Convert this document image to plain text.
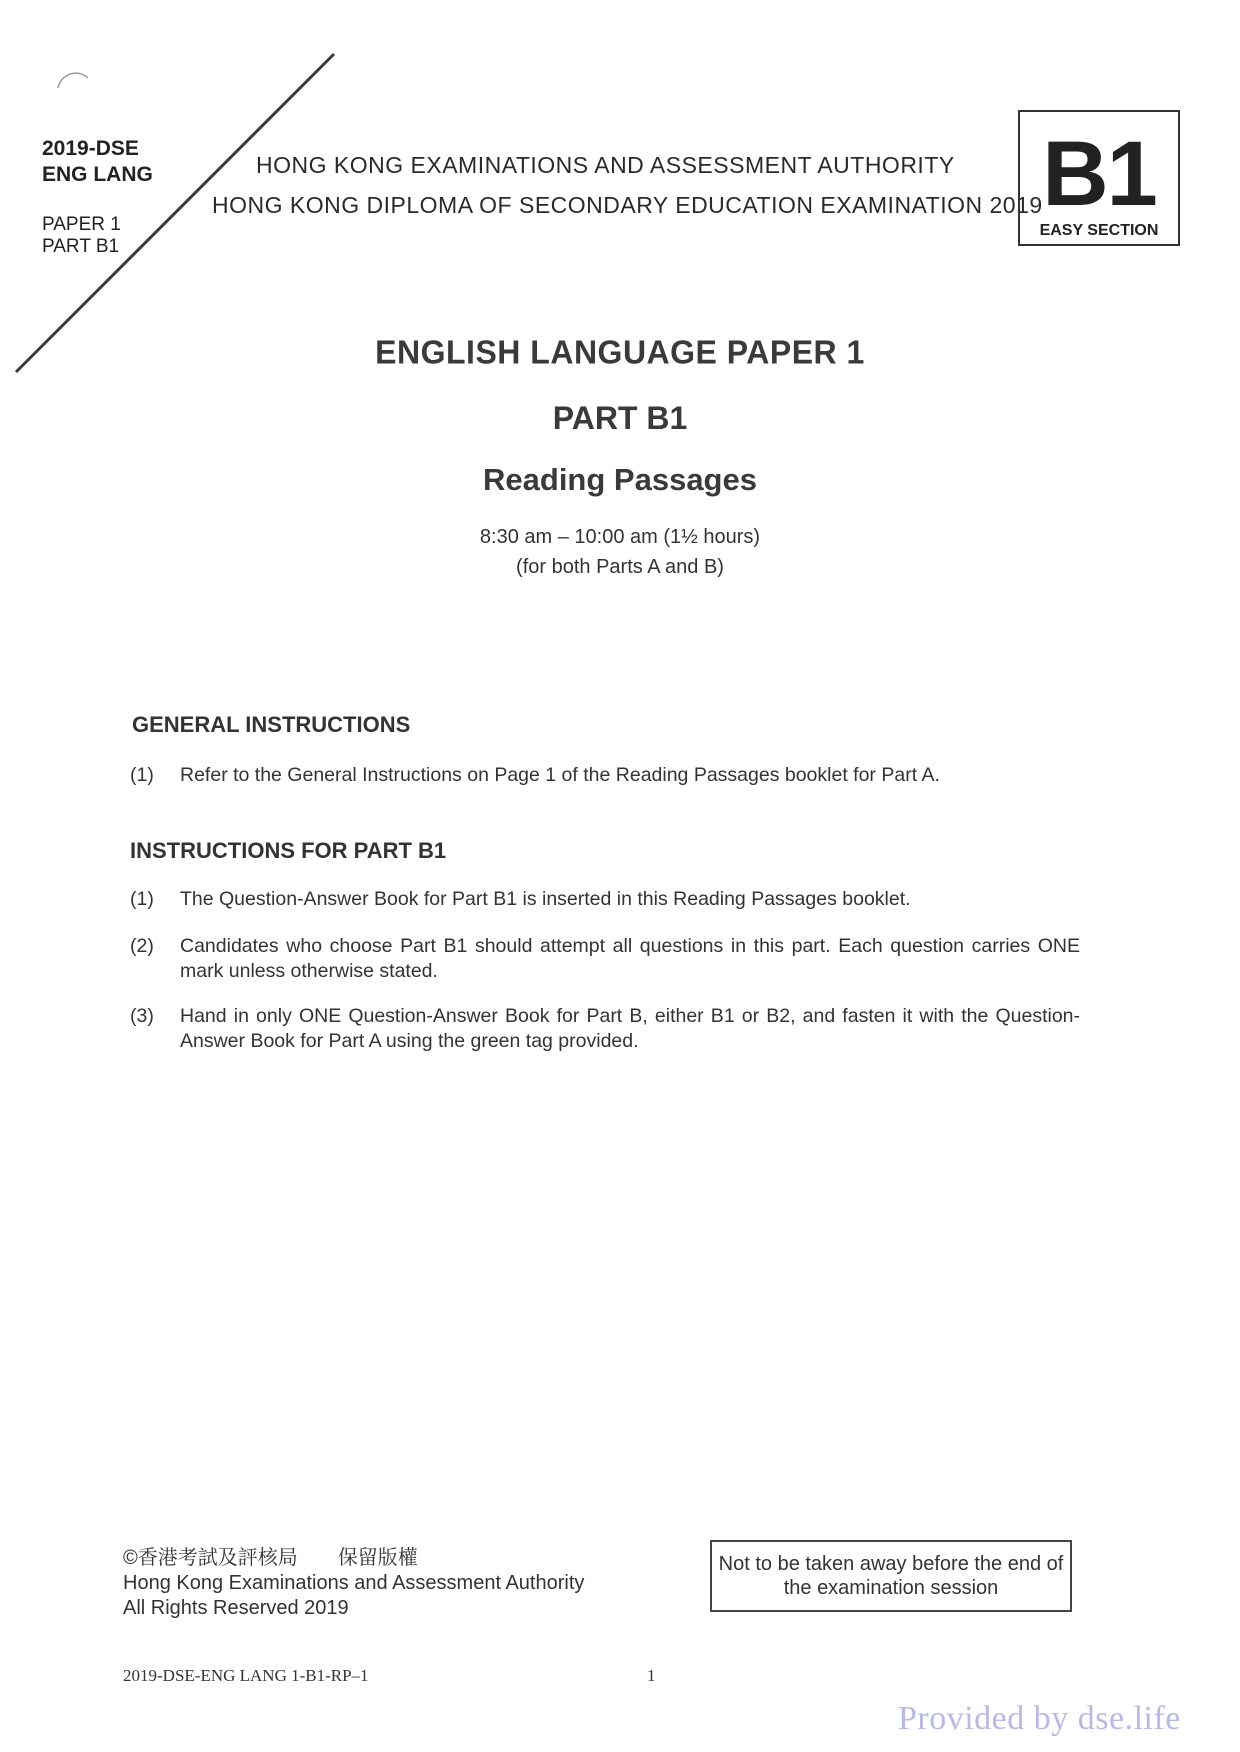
2019-DSE
ENG LANG
PAPER 1
PART B1
HONG KONG EXAMINATIONS AND ASSESSMENT AUTHORITY
HONG KONG DIPLOMA OF SECONDARY EDUCATION EXAMINATION 2019 B1
EASY SECTION
ENGLISH LANGUAGE PAPER 1
PART B1
Reading Passages
8:30 am – 10:00 am (1½ hours)
(for both Parts A and B)
GENERAL INSTRUCTIONS
(1) Refer to the General Instructions on Page 1 of the Reading Passages booklet for Part A.
INSTRUCTIONS FOR PART B1
(1) The Question-Answer Book for Part B1 is inserted in this Reading Passages booklet.
(2) Candidates who choose Part B1 should attempt all questions in this part. Each question carries ONE mark unless otherwise stated.
(3) Hand in only ONE Question-Answer Book for Part B, either B1 or B2, and fasten it with the Question-Answer Book for Part A using the green tag provided.
©香港考試及評核局　　保留版權
Hong Kong Examinations and Assessment Authority
All Rights Reserved 2019
Not to be taken away before the end of the examination session
2019-DSE-ENG LANG 1-B1-RP–1	1
Provided by dse.life
